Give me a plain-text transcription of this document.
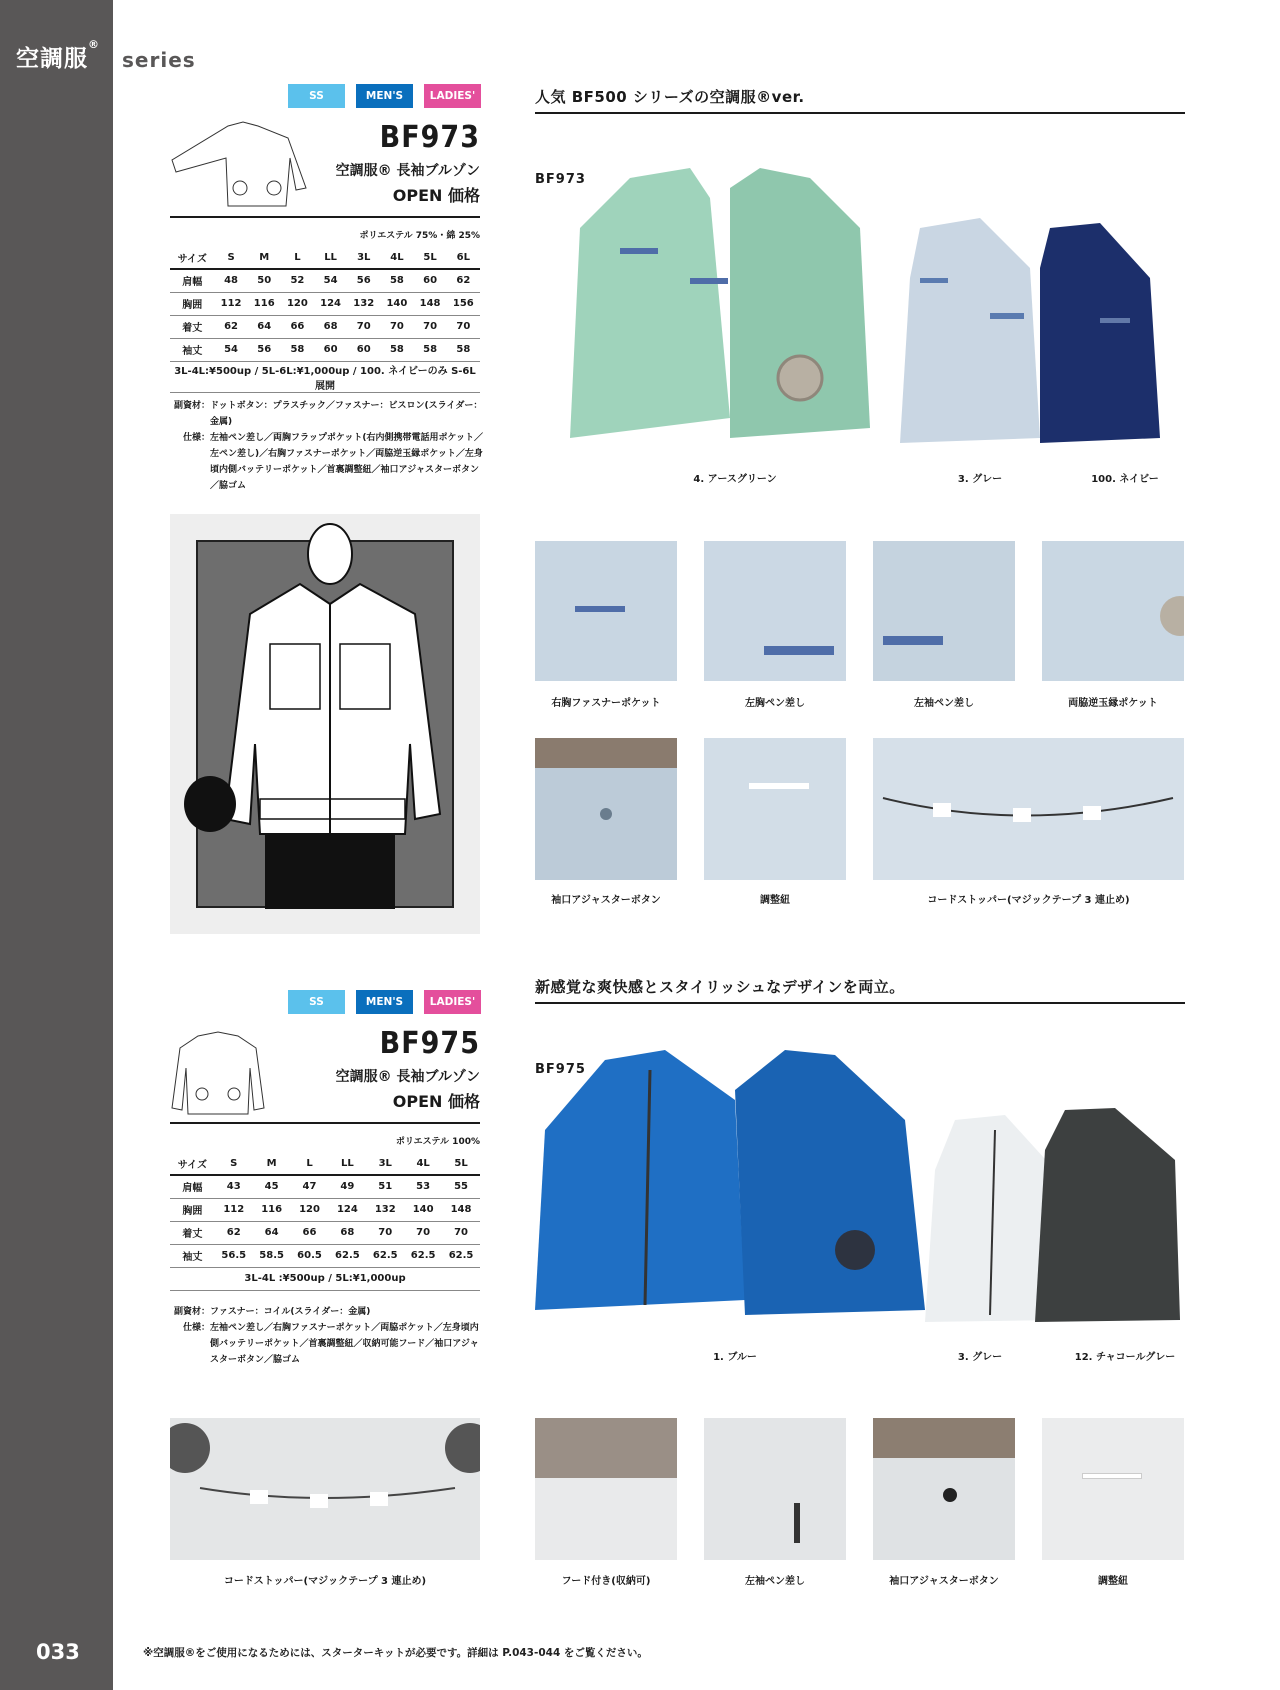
空調服®
series
033	※空調服®をご使用になるためには、スターターキットが必要です。詳細は P.043-044 をご覧ください。
SS	MEN'S	LADIES'
BF973
空調服® 長袖ブルゾン
OPEN 価格
ポリエステル 75%・綿 25%
サイズ	S	M	L	LL	3L	4L	5L	6L
肩幅	48	50	52	54	56	58	60	62
胸囲	112	116	120	124	132	140	148	156
着丈	62	64	66	68	70	70	70	70
袖丈	54	56	58	60	60	58	58	58
3L-4L:¥500up / 5L-6L:¥1,000up / 100. ネイビーのみ S-6L 展開								
副資材： ドットボタン：プラスチック／ファスナー：ビスロン(スライダー：金属)
仕様： 左袖ペン差し／両胸フラップポケット(右内側携帯電話用ポケット／左ペン差し)／右胸ファスナーポケット／両脇逆玉縁ポケット／左身頃内側バッテリーポケット／首裏調整紐／袖口アジャスターボタン／脇ゴム
人気 BF500 シリーズの空調服®ver.
BF973
4. アースグリーン	3. グレー	100. ネイビー
右胸ファスナーポケット	左胸ペン差し	左袖ペン差し	両脇逆玉縁ポケット
袖口アジャスターボタン	調整紐	コードストッパー(マジックテープ 3 連止め)
SS	MEN'S	LADIES'
BF975
空調服® 長袖ブルゾン
OPEN 価格
ポリエステル 100%
サイズ	S	M	L	LL	3L	4L	5L
肩幅	43	45	47	49	51	53	55
胸囲	112	116	120	124	132	140	148
着丈	62	64	66	68	70	70	70
袖丈	56.5	58.5	60.5	62.5	62.5	62.5	62.5
3L-4L :¥500up / 5L:¥1,000up							
副資材： ファスナー：コイル(スライダー：金属)
仕様： 左袖ペン差し／右胸ファスナーポケット／両脇ポケット／左身頃内側バッテリーポケット／首裏調整紐／収納可能フード／袖口アジャスターボタン／脇ゴム
新感覚な爽快感とスタイリッシュなデザインを両立。
BF975
1. ブルー	3. グレー	12. チャコールグレー
コードストッパー(マジックテープ 3 連止め)	フード付き(収納可)	左袖ペン差し	袖口アジャスターボタン	調整紐
